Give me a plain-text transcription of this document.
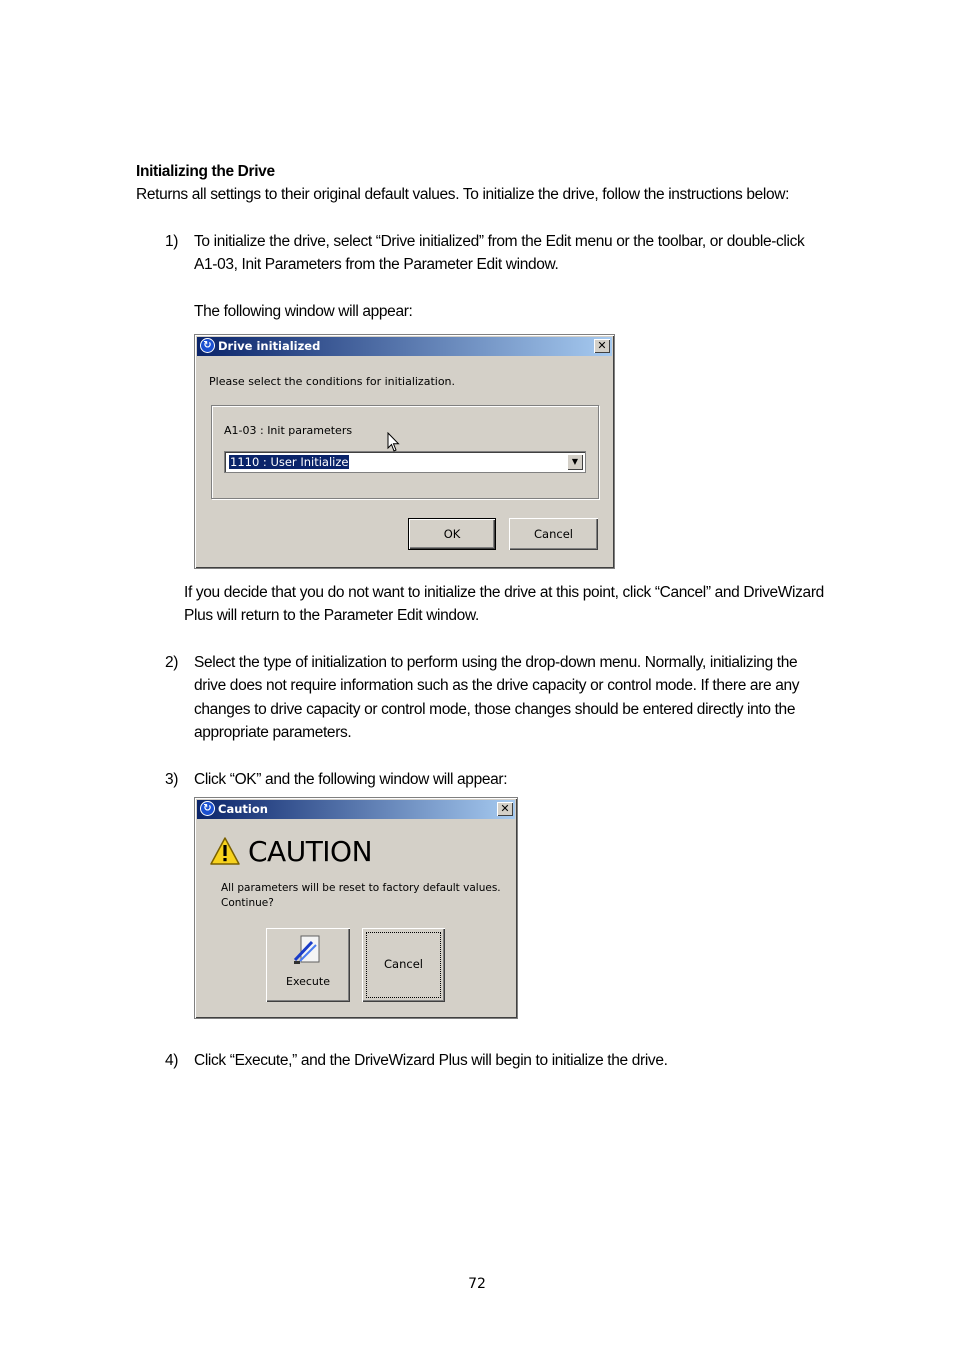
Initializing the Drive
Returns all settings to their original default values. To initialize the drive, follow the instructions below:
1)	To initialize the drive, select “Drive initialized” from the Edit menu or the toolbar, or double-click
A1-03, Init Parameters from the Parameter Edit window.
The following window will appear:
↻ Drive initialized	✕
Please select the conditions for initialization.
A1-03 : Init parameters
1110 : User Initialize	▼
OK	Cancel
If you decide that you do not want to initialize the drive at this point, click “Cancel” and DriveWizard
Plus will return to the Parameter Edit window.
2)	Select the type of initialization to perform using the drop-down menu. Normally, initializing the
drive does not require information such as the drive capacity or control mode. If there are any
changes to drive capacity or control mode, those changes should be entered directly into the
appropriate parameters.
3)	Click “OK” and the following window will appear:
↻ Caution	✕
CAUTION
All parameters will be reset to factory default values.
Continue?
Execute
Cancel
4)	Click “Execute,” and the DriveWizard Plus will begin to initialize the drive.
72
